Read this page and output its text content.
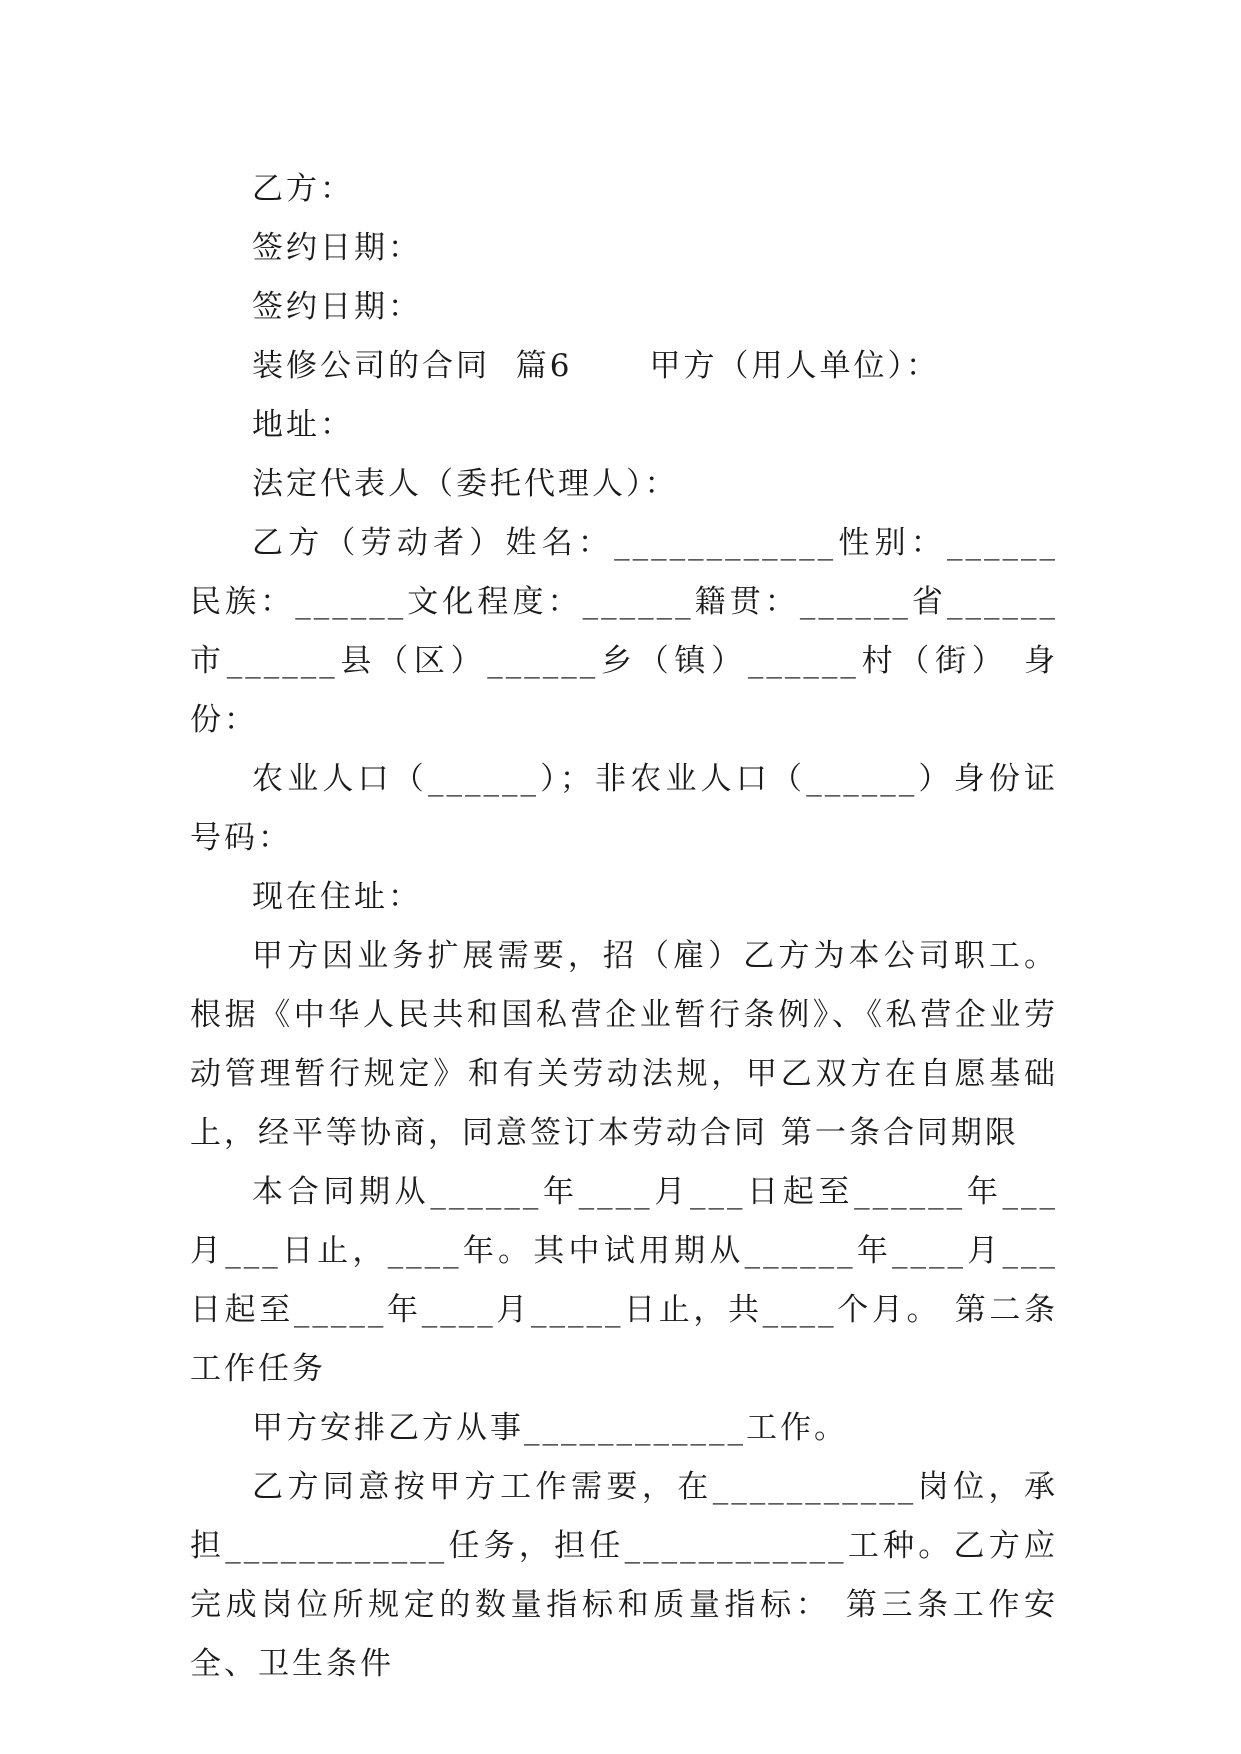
乙方：

签约日期：

签约日期：

装修公司的合同  篇6      甲方（用人单位）：

地址：

法定代表人（委托代理人）：

乙方（劳动者）姓名：____________性别：______民族：______文化程度：______籍贯：______省______市______县（区）______乡（镇）______村（街） 身份：

农业人口（______）；非农业人口（______）身份证号码：

现在住址：

甲方因业务扩展需要，招（雇）乙方为本公司职工。根据《中华人民共和国私营企业暂行条例》、《私营企业劳动管理暂行规定》和有关劳动法规，甲乙双方在自愿基础上，经平等协商，同意签订本劳动合同 第一条合同期限

本合同期从______年____月___日起至______年___月___日止，____年。其中试用期从______年____月___日起至_____年____月_____日止，共____个月。 第二条工作任务

甲方安排乙方从事____________工作。

乙方同意按甲方工作需要，在___________岗位，承担____________任务，担任____________工种。乙方应完成岗位所规定的数量指标和质量指标： 第三条工作安全、卫生条件
